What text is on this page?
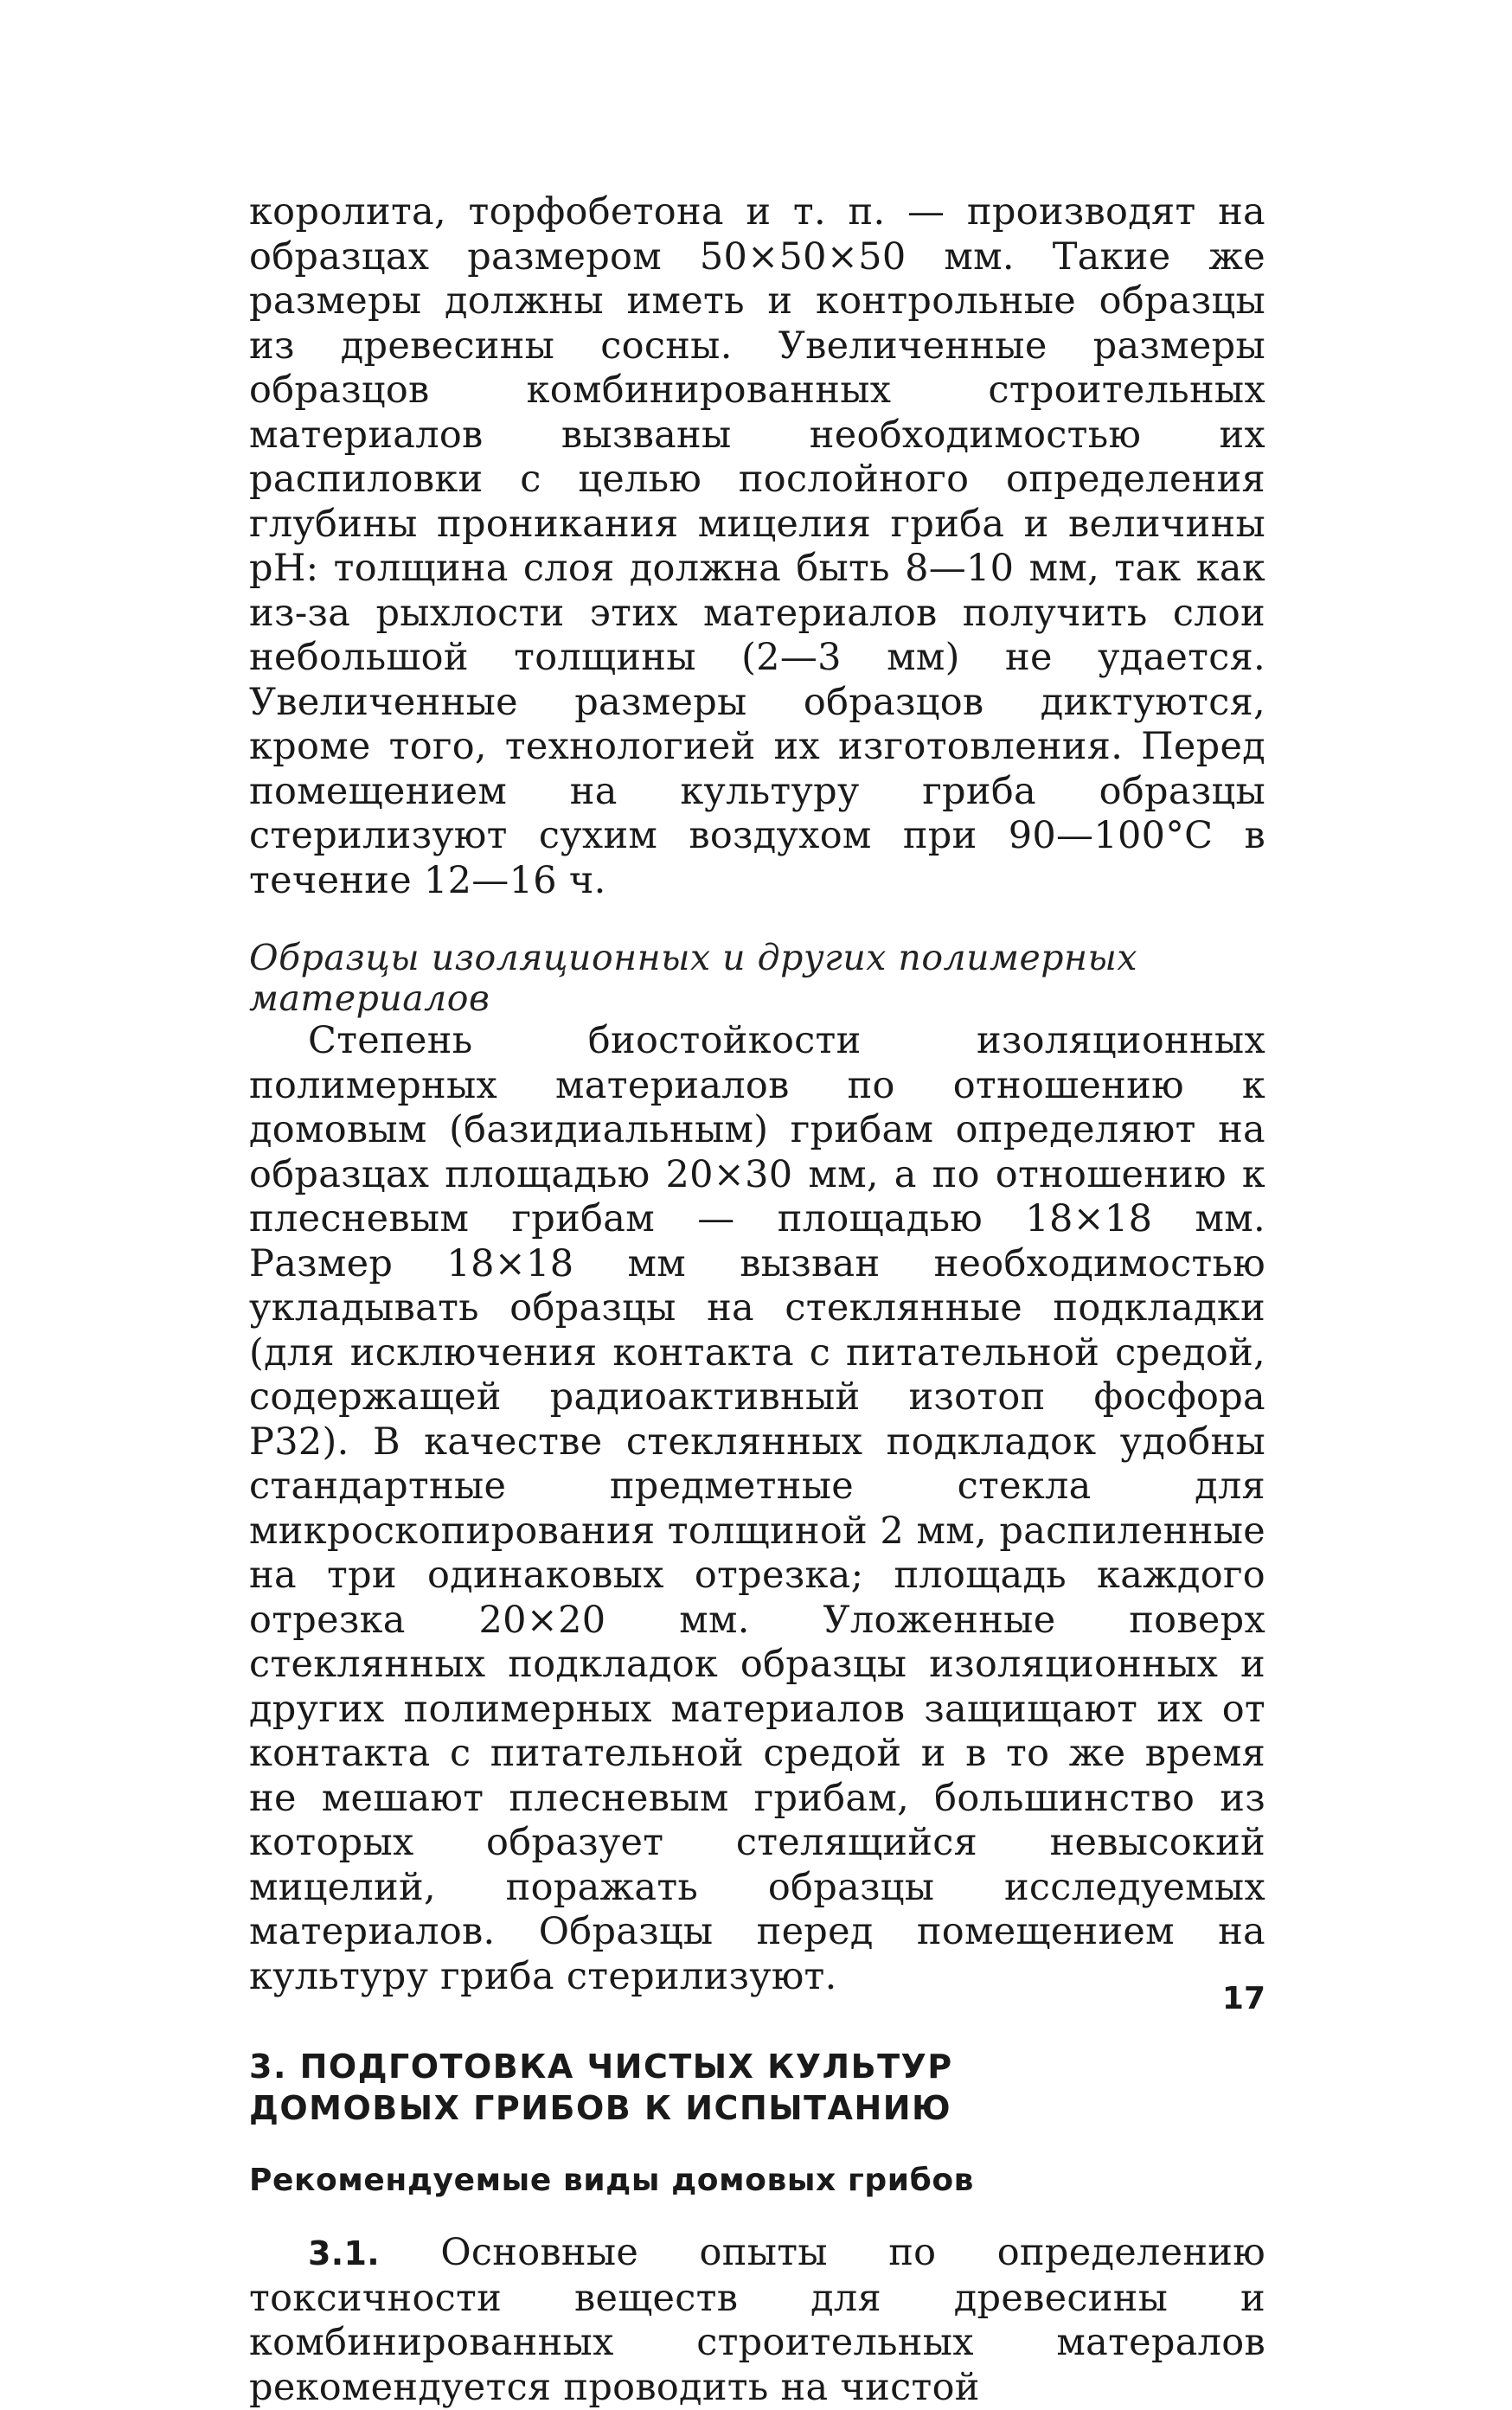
королита, торфобетона и т. п. — производят на образцах размером 50×50×50 мм. Такие же размеры должны иметь и контрольные образцы из древесины сосны. Увеличенные размеры образцов комбинированных строительных материалов вызваны необходимостью их распиловки с целью послойного определения глубины проникания мицелия гриба и величины pH: толщина слоя должна быть 8—10 мм, так как из-за рыхлости этих материалов получить слои небольшой толщины (2—3 мм) не удается. Увеличенные размеры образцов диктуются, кроме того, технологией их изготовления. Перед помещением на культуру гриба образцы стерилизуют сухим воздухом при 90—100°С в течение 12—16 ч.

Образцы изоляционных и других полимерных материалов

Степень биостойкости изоляционных полимерных материалов по отношению к домовым (базидиальным) грибам определяют на образцах площадью 20×30 мм, а по отношению к плесневым грибам — площадью 18×18 мм. Размер 18×18 мм вызван необходимостью укладывать образцы на стеклянные подкладки (для исключения контакта с питательной средой, содержащей радиоактивный изотоп фосфора P32). В качестве стеклянных подкладок удобны стандартные предметные стекла для микроскопирования толщиной 2 мм, распиленные на три одинаковых отрезка; площадь каждого отрезка 20×20 мм. Уложенные поверх стеклянных подкладок образцы изоляционных и других полимерных материалов защищают их от контакта с питательной средой и в то же время не мешают плесневым грибам, большинство из которых образует стелящийся невысокий мицелий, поражать образцы исследуемых материалов. Образцы перед помещением на культуру гриба стерилизуют.

3. ПОДГОТОВКА ЧИСТЫХ КУЛЬТУР
ДОМОВЫХ ГРИБОВ К ИСПЫТАНИЮ
Рекомендуемые виды домовых грибов

3.1. Основные опыты по определению токсичности веществ для древесины и комбинированных строительных матералов рекомендуется проводить на чистой

17
